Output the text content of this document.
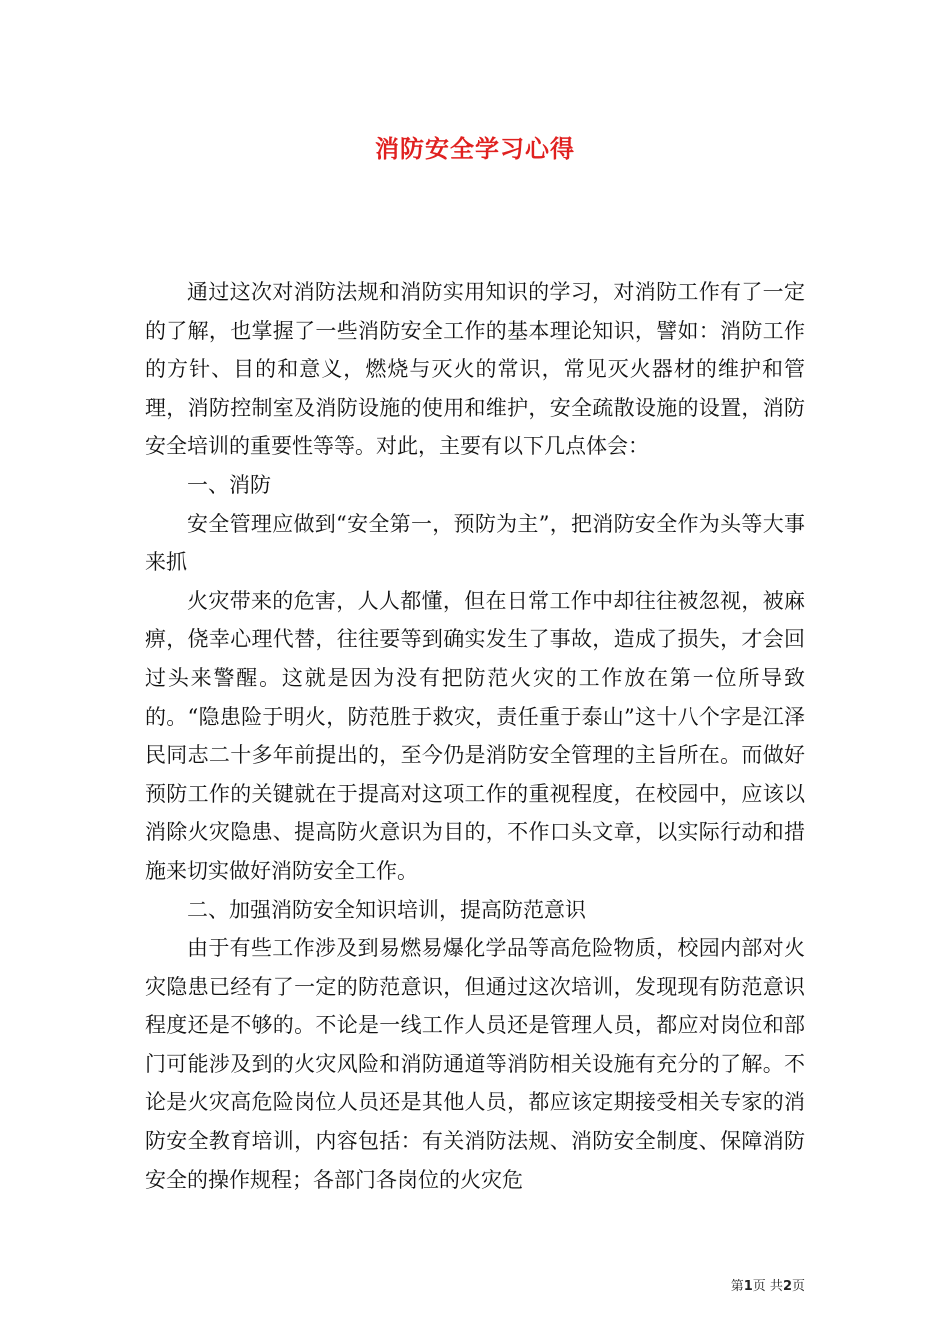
消防安全学习心得

通过这次对消防法规和消防实用知识的学习，对消防工作有了一定的了解，也掌握了一些消防安全工作的基本理论知识，譬如：消防工作的方针、目的和意义，燃烧与灭火的常识，常见灭火器材的维护和管理，消防控制室及消防设施的使用和维护，安全疏散设施的设置，消防安全培训的重要性等等。对此，主要有以下几点体会：

一、消防

安全管理应做到“安全第一，预防为主”，把消防安全作为头等大事来抓

火灾带来的危害，人人都懂，但在日常工作中却往往被忽视，被麻痹，侥幸心理代替，往往要等到确实发生了事故，造成了损失，才会回过头来警醒。这就是因为没有把防范火灾的工作放在第一位所导致的。“隐患险于明火，防范胜于救灾，责任重于泰山”这十八个字是江泽民同志二十多年前提出的，至今仍是消防安全管理的主旨所在。而做好预防工作的关键就在于提高对这项工作的重视程度，在校园中，应该以消除火灾隐患、提高防火意识为目的，不作口头文章，以实际行动和措施来切实做好消防安全工作。

二、加强消防安全知识培训，提高防范意识

由于有些工作涉及到易燃易爆化学品等高危险物质，校园内部对火灾隐患已经有了一定的防范意识，但通过这次培训，发现现有防范意识程度还是不够的。不论是一线工作人员还是管理人员，都应对岗位和部门可能涉及到的火灾风险和消防通道等消防相关设施有充分的了解。不论是火灾高危险岗位人员还是其他人员，都应该定期接受相关专家的消防安全教育培训，内容包括：有关消防法规、消防安全制度、保障消防安全的操作规程；各部门各岗位的火灾危

第1页 共2页
